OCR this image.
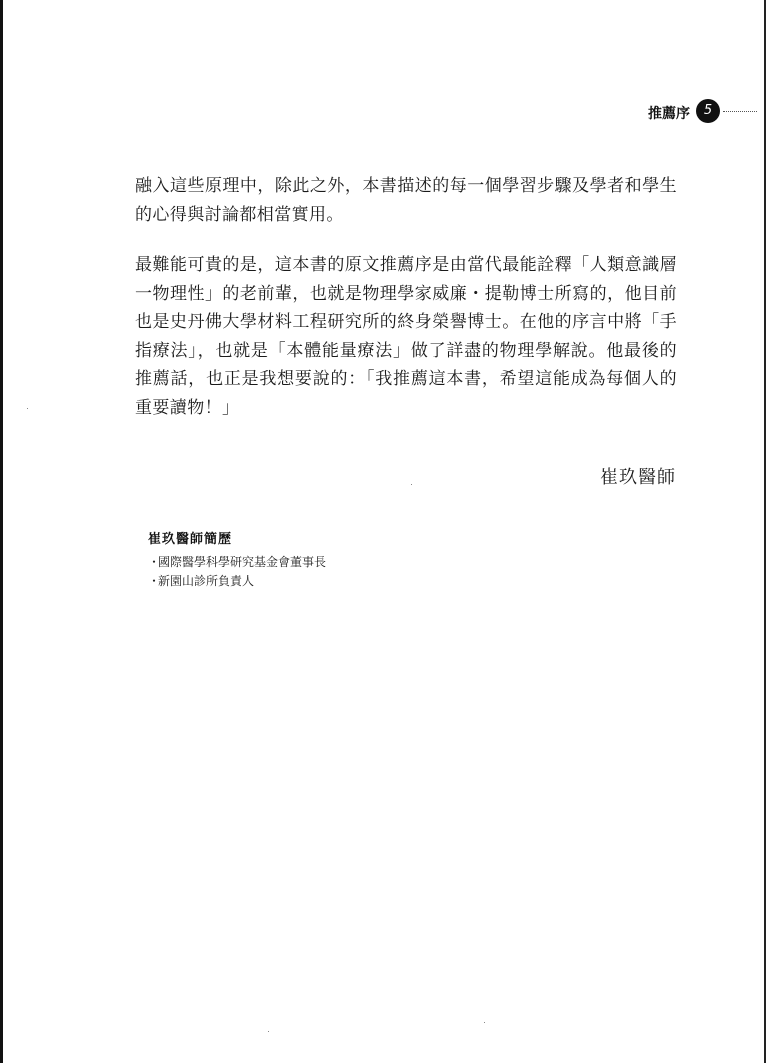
推薦序	5

融入這些原理中，除此之外，本書描述的每一個學習步驟及學者和學生的心得與討論都相當實用。

最難能可貴的是，這本書的原文推薦序是由當代最能詮釋「人類意識層一物理性」的老前輩，也就是物理學家威廉・提勒博士所寫的，他目前也是史丹佛大學材料工程研究所的終身榮譽博士。在他的序言中將「手指療法」，也就是「本體能量療法」做了詳盡的物理學解說。他最後的推薦話，也正是我想要說的：「我推薦這本書，希望這能成為每個人的重要讀物！」

崔玖醫師
崔玖醫師簡歷
・國際醫學科學研究基金會董事長
・新園山診所負責人
